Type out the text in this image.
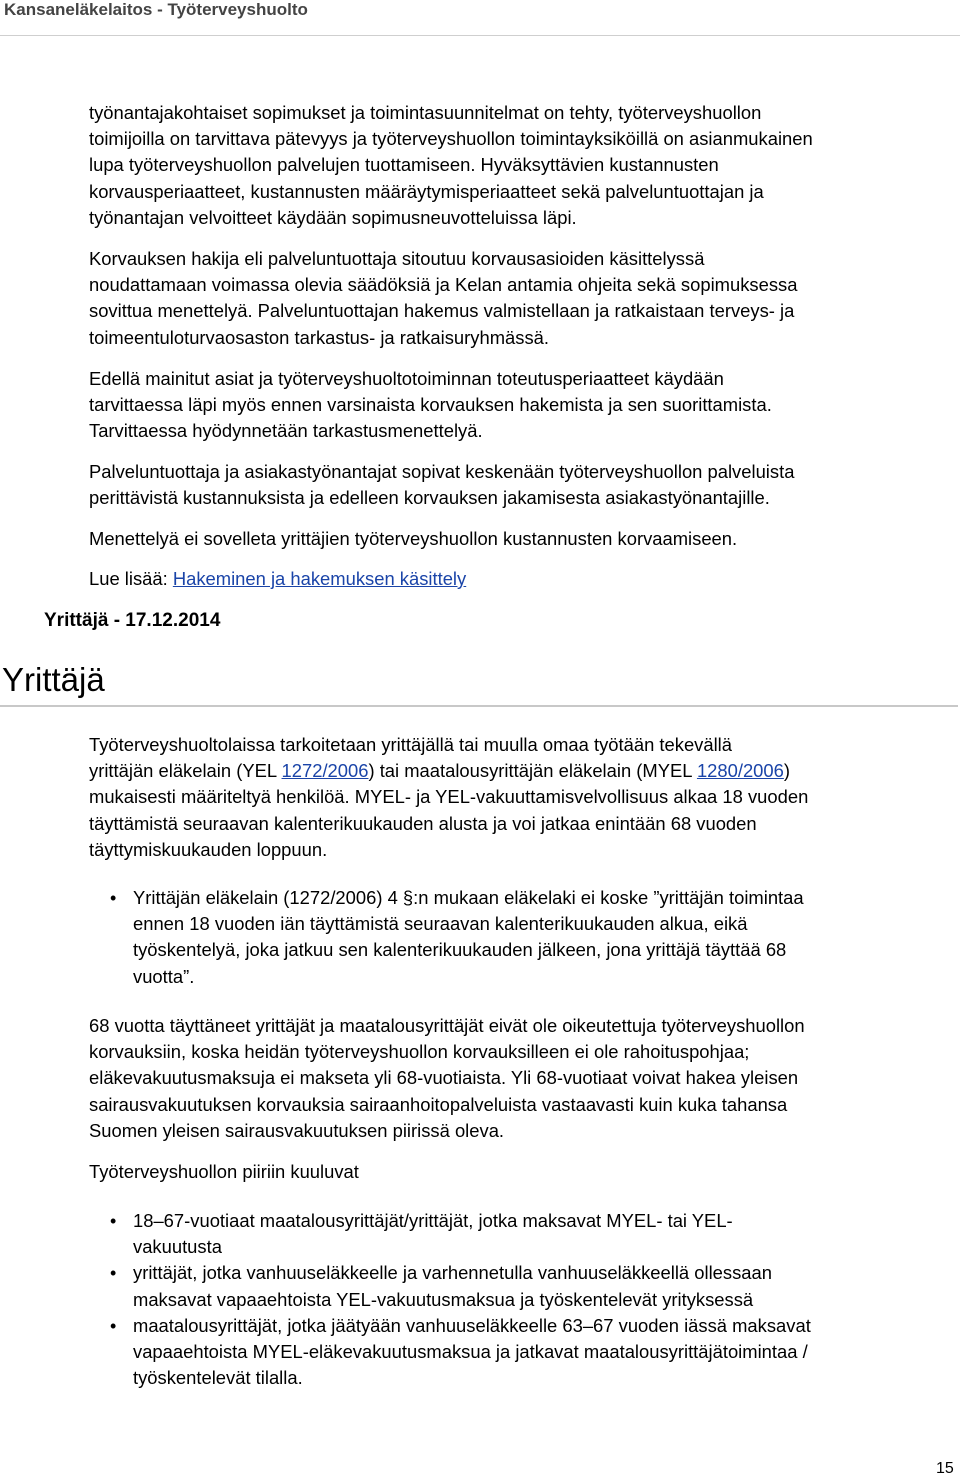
Kansaneläkelaitos - Työterveyshuolto

työnantajakohtaiset sopimukset ja toimintasuunnitelmat on tehty, työterveyshuollon
toimijoilla on tarvittava pätevyys ja työterveyshuollon toimintayksiköillä on asianmukainen
lupa työterveyshuollon palvelujen tuottamiseen. Hyväksyttävien kustannusten
korvausperiaatteet, kustannusten määräytymisperiaatteet sekä palveluntuottajan ja
työnantajan velvoitteet käydään sopimusneuvotteluissa läpi.

Korvauksen hakija eli palveluntuottaja sitoutuu korvausasioiden käsittelyssä
noudattamaan voimassa olevia säädöksiä ja Kelan antamia ohjeita sekä sopimuksessa
sovittua menettelyä. Palveluntuottajan hakemus valmistellaan ja ratkaistaan terveys- ja
toimeentuloturvaosaston tarkastus- ja ratkaisuryhmässä.

Edellä mainitut asiat ja työterveyshuoltotoiminnan toteutusperiaatteet käydään
tarvittaessa läpi myös ennen varsinaista korvauksen hakemista ja sen suorittamista.
Tarvittaessa hyödynnetään tarkastusmenettelyä.

Palveluntuottaja ja asiakastyönantajat sopivat keskenään työterveyshuollon palveluista
perittävistä kustannuksista ja edelleen korvauksen jakamisesta asiakastyönantajille.

Menettelyä ei sovelleta yrittäjien työterveyshuollon kustannusten korvaamiseen.

Lue lisää: Hakeminen ja hakemuksen käsittely

Yrittäjä - 17.12.2014
Yrittäjä

Työterveyshuoltolaissa tarkoitetaan yrittäjällä tai muulla omaa työtään tekevällä
yrittäjän eläkelain (YEL 1272/2006) tai maatalousyrittäjän eläkelain (MYEL 1280/2006)
mukaisesti määriteltyä henkilöä. MYEL- ja YEL-vakuuttamisvelvollisuus alkaa 18 vuoden
täyttämistä seuraavan kalenterikuukauden alusta ja voi jatkaa enintään 68 vuoden
täyttymiskuukauden loppuun.

• Yrittäjän eläkelain (1272/2006) 4 §:n mukaan eläkelaki ei koske ”yrittäjän toimintaa
ennen 18 vuoden iän täyttämistä seuraavan kalenterikuukauden alkua, eikä
työskentelyä, joka jatkuu sen kalenterikuukauden jälkeen, jona yrittäjä täyttää 68
vuotta”.

68 vuotta täyttäneet yrittäjät ja maatalousyrittäjät eivät ole oikeutettuja työterveyshuollon
korvauksiin, koska heidän työterveyshuollon korvauksilleen ei ole rahoituspohjaa;
eläkevakuutusmaksuja ei makseta yli 68-vuotiaista. Yli 68-vuotiaat voivat hakea yleisen
sairausvakuutuksen korvauksia sairaanhoitopalveluista vastaavasti kuin kuka tahansa
Suomen yleisen sairausvakuutuksen piirissä oleva.

Työterveyshuollon piiriin kuuluvat

• 18–67-vuotiaat maatalousyrittäjät/yrittäjät, jotka maksavat MYEL- tai YEL-
vakuutusta
• yrittäjät, jotka vanhuuseläkkeelle ja varhennetulla vanhuuseläkkeellä ollessaan
maksavat vapaaehtoista YEL-vakuutusmaksua ja työskentelevät yrityksessä
• maatalousyrittäjät, jotka jäätyään vanhuuseläkkeelle 63–67 vuoden iässä maksavat
vapaaehtoista MYEL-eläkevakuutusmaksua ja jatkavat maatalousyrittäjätoimintaa /
työskentelevät tilalla.
15
